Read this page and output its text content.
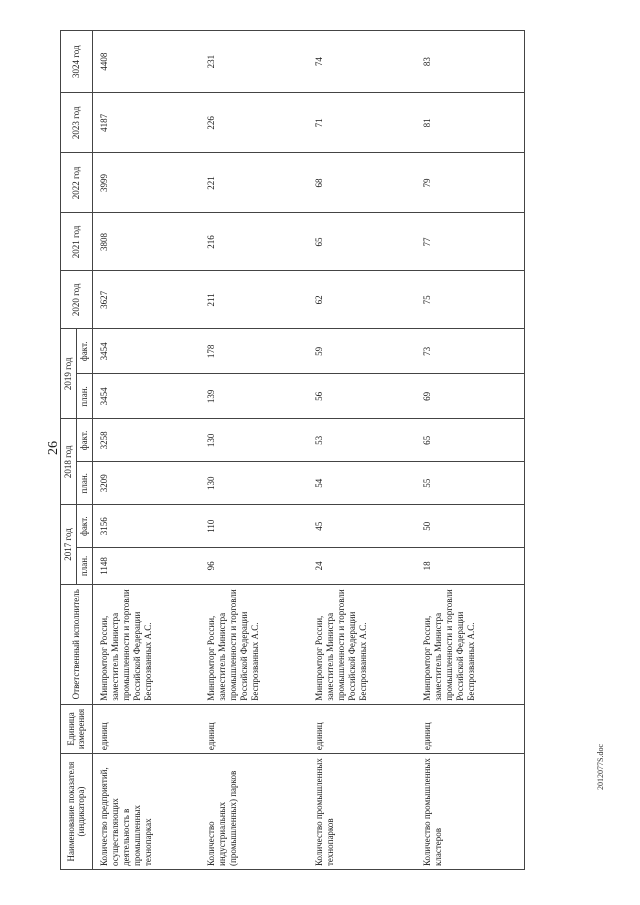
26
Наименование показателя (индикатора)	Единица измерения	Ответственный исполнитель	2017 год		2018 год		2019 год		2020 год	2021 год	2022 год	2023 год	3024 год
			план.	факт.	план.	факт.	план.	факт.					
Количество предприятий, осуществляющих деятельность в промышленных технопарках	единиц	Минпромторг России, заместитель Министра промышленности и торговли Российской Федерации Беспрозванных А.С.	1148	3156	3209	3258	3454	3454	3627	3808	3999	4187	4408
Количество индустриальных (промышленных) парков	единиц	Минпромторг России, заместитель Министра промышленности и торговли Российской Федерации Беспрозванных А.С.	96	110	130	130	139	178	211	216	221	226	231
Количество промышленных технопарков	единиц	Минпромторг России, заместитель Министра промышленности и торговли Российской Федерации Беспрозванных А.С.	24	45	54	53	56	59	62	65	68	71	74
Количество промышленных кластеров	единиц	Минпромторг России, заместитель Министра промышленности и торговли Российской Федерации Беспрозванных А.С.	18	50	55	65	69	73	75	77	79	81	83
2012077S.doc
